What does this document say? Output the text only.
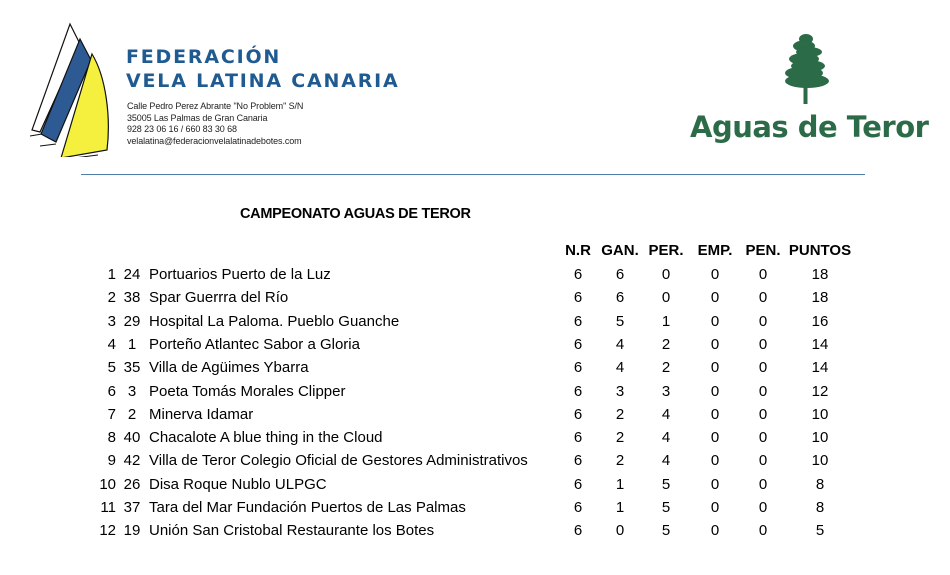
FEDERACIÓN
VELA LATINA CANARIA
Calle Pedro Perez Abrante "No Problem" S/N
35005 Las Palmas de Gran Canaria
928 23 06 16 / 660 83 30 68
velalatina@federacionvelalatinadebotes.com	Aguas de Teror
CAMPEONATO AGUAS DE TEROR
N.R GAN. PER. EMP. PEN. PUNTOS
1 24 Portuarios Puerto de la Luz	6	6	0	0	0	18
2 38 Spar Guerrra del Río	6	6	0	0	0	18
3 29 Hospital La Paloma. Pueblo Guanche	6	5	1	0	0	16
4 1 Porteño Atlantec Sabor a Gloria	6	4	2	0	0	14
5 35 Villa de Agüimes Ybarra	6	4	2	0	0	14
6 3 Poeta Tomás Morales Clipper	6	3	3	0	0	12
7 2 Minerva Idamar	6	2	4	0	0	10
8 40 Chacalote A blue thing in the Cloud	6	2	4	0	0	10
9 42 Villa de Teror Colegio Oficial de Gestores Administrativos	6	2	4	0	0	10
10 26 Disa Roque Nublo ULPGC	6	1	5	0	0	8
11 37 Tara del Mar Fundación Puertos de Las Palmas	6	1	5	0	0	8
12 19 Unión San Cristobal Restaurante los Botes	6	0	5	0	0	5
